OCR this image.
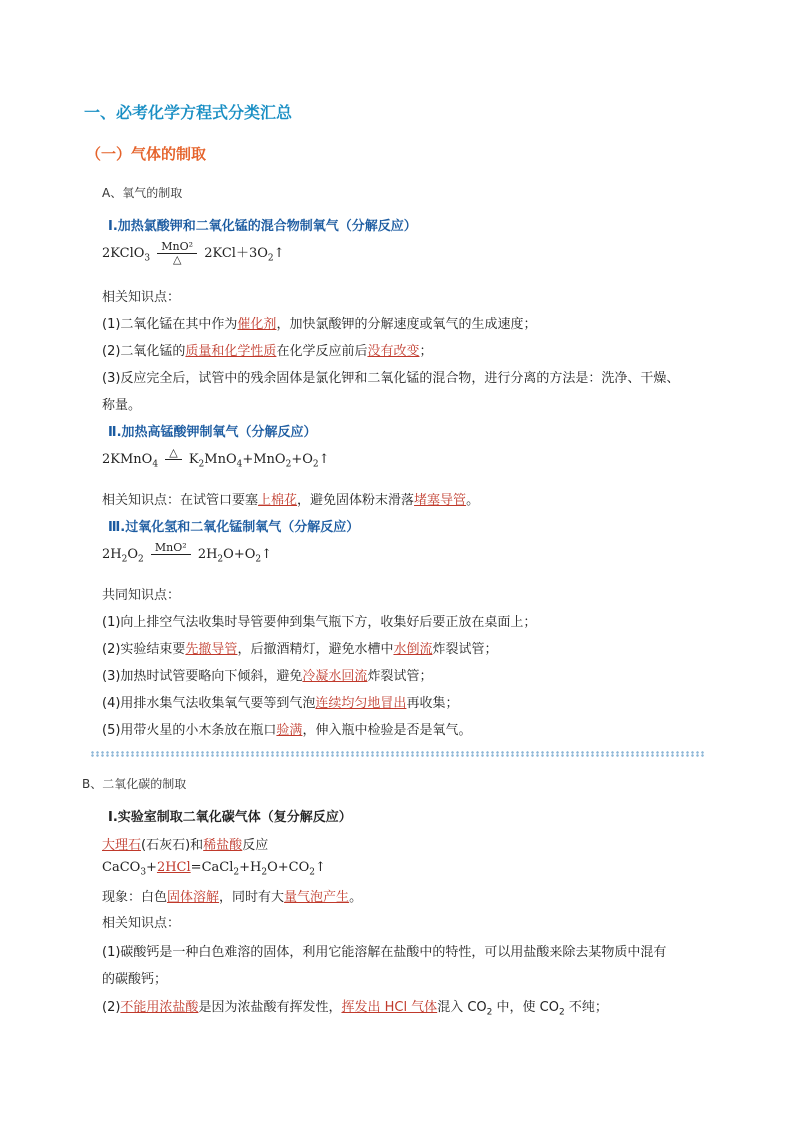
一、必考化学方程式分类汇总
（一）气体的制取
A、氧气的制取
Ⅰ.加热氯酸钾和二氧化锰的混合物制氧气（分解反应）
2KClO$_3$ $\frac{\text{MnO²}}{\triangle}$ $2KCl+3O_2↑$
相关知识点：
(1)二氧化锰在其中作为催化剂，加快氯酸钾的分解速度或氧气的生成速度；
(2)二氧化锰的质量和化学性质在化学反应前后没有改变；
(3)反应完全后，试管中的残余固体是氯化钾和二氧化锰的混合物，进行分离的方法是：洗净、干燥、
称量。
Ⅱ.加热高锰酸钾制氧气（分解反应）
2KMnO$_4$
△
$K_2MnO_4+MnO_2+O_2↑$
相关知识点：在试管口要塞上棉花，避免固体粉末滑落堵塞导管。
Ⅲ.过氧化氢和二氧化锰制氧气（分解反应）
$2H_2O_2$
MnO²
$2H_2O+O_2↑$
共同知识点：
(1)向上排空气法收集时导管要伸到集气瓶下方，收集好后要正放在桌面上；
(2)实验结束要先撤导管，后撤酒精灯，避免水槽中水倒流炸裂试管；
(3)加热时试管要略向下倾斜，避免冷凝水回流炸裂试管；
(4)用排水集气法收集氧气要等到气泡连续均匀地冒出再收集；
(5)用带火星的小木条放在瓶口验满，伸入瓶中检验是否是氧气。
B、二氧化碳的制取
Ⅰ.实验室制取二氧化碳气体（复分解反应）
大理石(石灰石)和稀盐酸反应
$CaCO_3+2HCl=CaCl_2+H_2O+CO_2↑$
现象：白色固体溶解，同时有大量气泡产生。
相关知识点：
(1)碳酸钙是一种白色难溶的固体，利用它能溶解在盐酸中的特性，可以用盐酸来除去某物质中混有
的碳酸钙；
(2)不能用浓盐酸是因为浓盐酸有挥发性，挥发出 HCl 气体混入 $CO_2$ 中，使 $CO_2$ 不纯；
